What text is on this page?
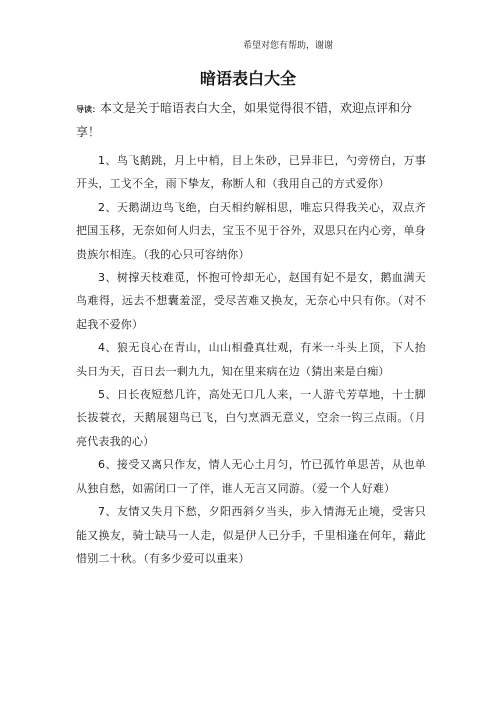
希望对您有帮助，谢谢
暗语表白大全
导读：本文是关于暗语表白大全，如果觉得很不错，欢迎点评和分享！

1、鸟飞鹅跳，月上中梢，目上朱砂，已异非巳，勺旁傍白，万事开头，工戈不全，雨下挚友，称断人和（我用自己的方式爱你）

2、天鹅湖边鸟飞绝，白天相约解相思，唯忘只得我关心，双点齐把国玉移，无奈如何人归去，宝玉不见于谷外，双思只在内心旁，单身贵族尔相连。（我的心只可容纳你）

3、树撑天枝难觅，怀抱可怜却无心，赵国有妃不是女，鹅血满天鸟难得，远去不想囊羞涩，受尽苦难又换友，无奈心中只有你。（对不起我不爱你）

4、狼无良心在青山，山山相叠真壮观，有米一斗头上顶，下人抬头日为天，百日去一剩九九，知在里来病在边（猜出来是白痴）

5、日长夜短愁几许，高处无口几人来，一人游弋芳草地，十士脚长拔蓑衣，天鹅展翅鸟已飞，白勺烹酒无意义，空余一钩三点雨。（月亮代表我的心）

6、接受又离只作友，情人无心土月匀，竹已孤竹单思苦，从也单从独自愁，如需闭口一了伴，谁人无言又同游。（爱一个人好难）

7、友情又失月下愁，夕阳西斜夕当头，步入情海无止境，受害只能又换友，骑士缺马一人走，似是伊人已分手，千里相逢在何年，藉此惜别二十秋。（有多少爱可以重来）
